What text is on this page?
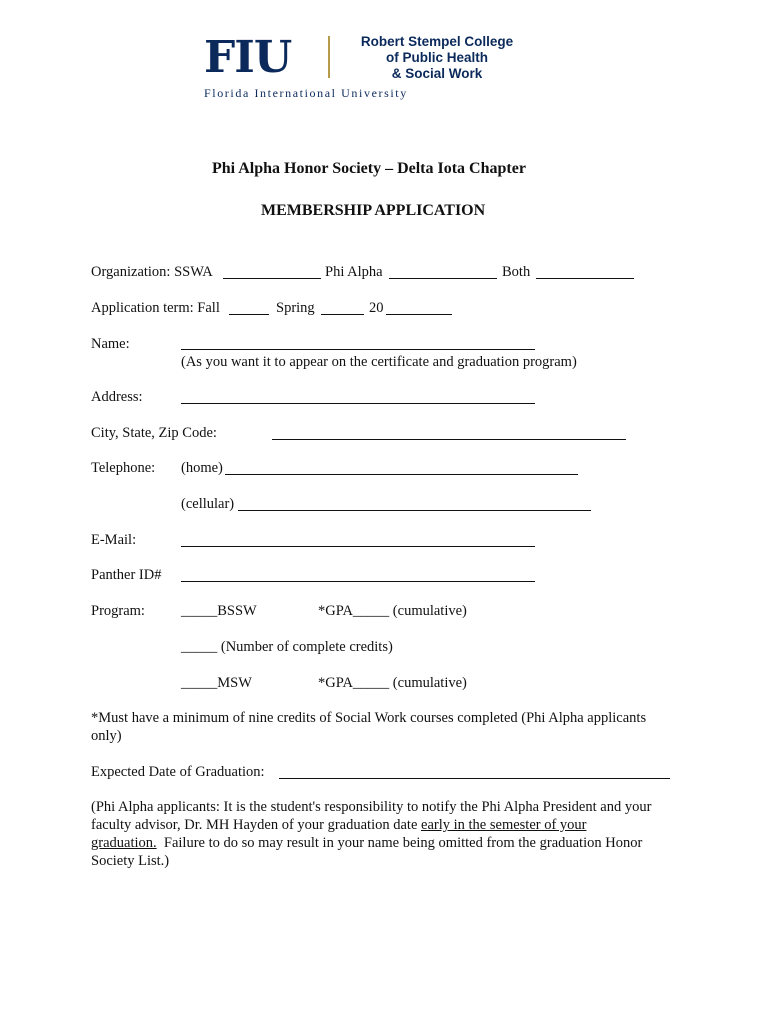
FIU	Robert Stempel College
of Public Health
& Social Work
Florida International University
Phi Alpha Honor Society – Delta Iota Chapter
MEMBERSHIP APPLICATION
Organization: SSWA	Phi Alpha	Both
Application term: Fall	Spring	20
Name:
(As you want it to appear on the certificate and graduation program)
Address:
City, State, Zip Code:
Telephone: (home)
(cellular)
E-Mail:
Panther ID#
Program: _____BSSW	*GPA_____ (cumulative)
_____ (Number of complete credits)
_____MSW	*GPA_____ (cumulative)
*Must have a minimum of nine credits of Social Work courses completed (Phi Alpha applicants
only)
Expected Date of Graduation:
(Phi Alpha applicants: It is the student's responsibility to notify the Phi Alpha President and your
faculty advisor, Dr. MH Hayden of your graduation date early in the semester of your
graduation.  Failure to do so may result in your name being omitted from the graduation Honor
Society List.)
